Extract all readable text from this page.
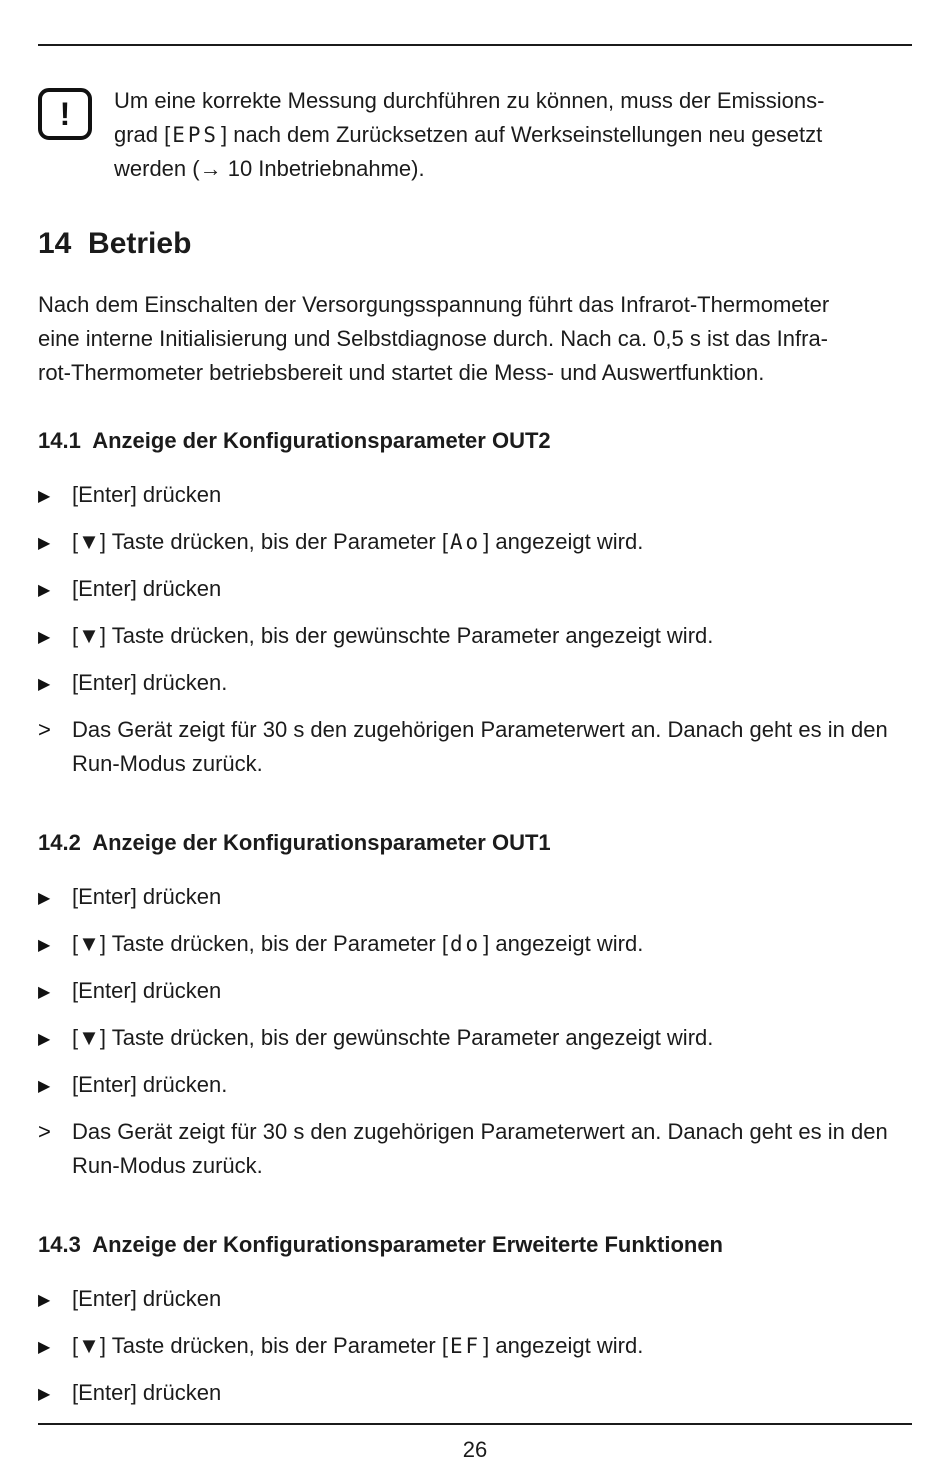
!	Um eine korrekte Messung durchführen zu können, muss der Emissions-
grad [EPS] nach dem Zurücksetzen auf Werkseinstellungen neu gesetzt
werden (→ 10 Inbetriebnahme).
14  Betrieb
Nach dem Einschalten der Versorgungsspannung führt das Infrarot-Thermometer
eine interne Initialisierung und Selbstdiagnose durch. Nach ca. 0,5 s ist das Infra-
rot-Thermometer betriebsbereit und startet die Mess- und Auswertfunktion.
14.1  Anzeige der Konfigurationsparameter OUT2
▶ [Enter] drücken
▶ [▼] Taste drücken, bis der Parameter [Ao] angezeigt wird.
▶ [Enter] drücken
▶ [▼] Taste drücken, bis der gewünschte Parameter angezeigt wird.
▶ [Enter] drücken.
> Das Gerät zeigt für 30 s den zugehörigen Parameterwert an. Danach geht es in den Run-Modus zurück.
14.2  Anzeige der Konfigurationsparameter OUT1
▶ [Enter] drücken
▶ [▼] Taste drücken, bis der Parameter [do] angezeigt wird.
▶ [Enter] drücken
▶ [▼] Taste drücken, bis der gewünschte Parameter angezeigt wird.
▶ [Enter] drücken.
> Das Gerät zeigt für 30 s den zugehörigen Parameterwert an. Danach geht es in den Run-Modus zurück.
14.3  Anzeige der Konfigurationsparameter Erweiterte Funktionen
▶ [Enter] drücken
▶ [▼] Taste drücken, bis der Parameter [EF] angezeigt wird.
▶ [Enter] drücken
26
